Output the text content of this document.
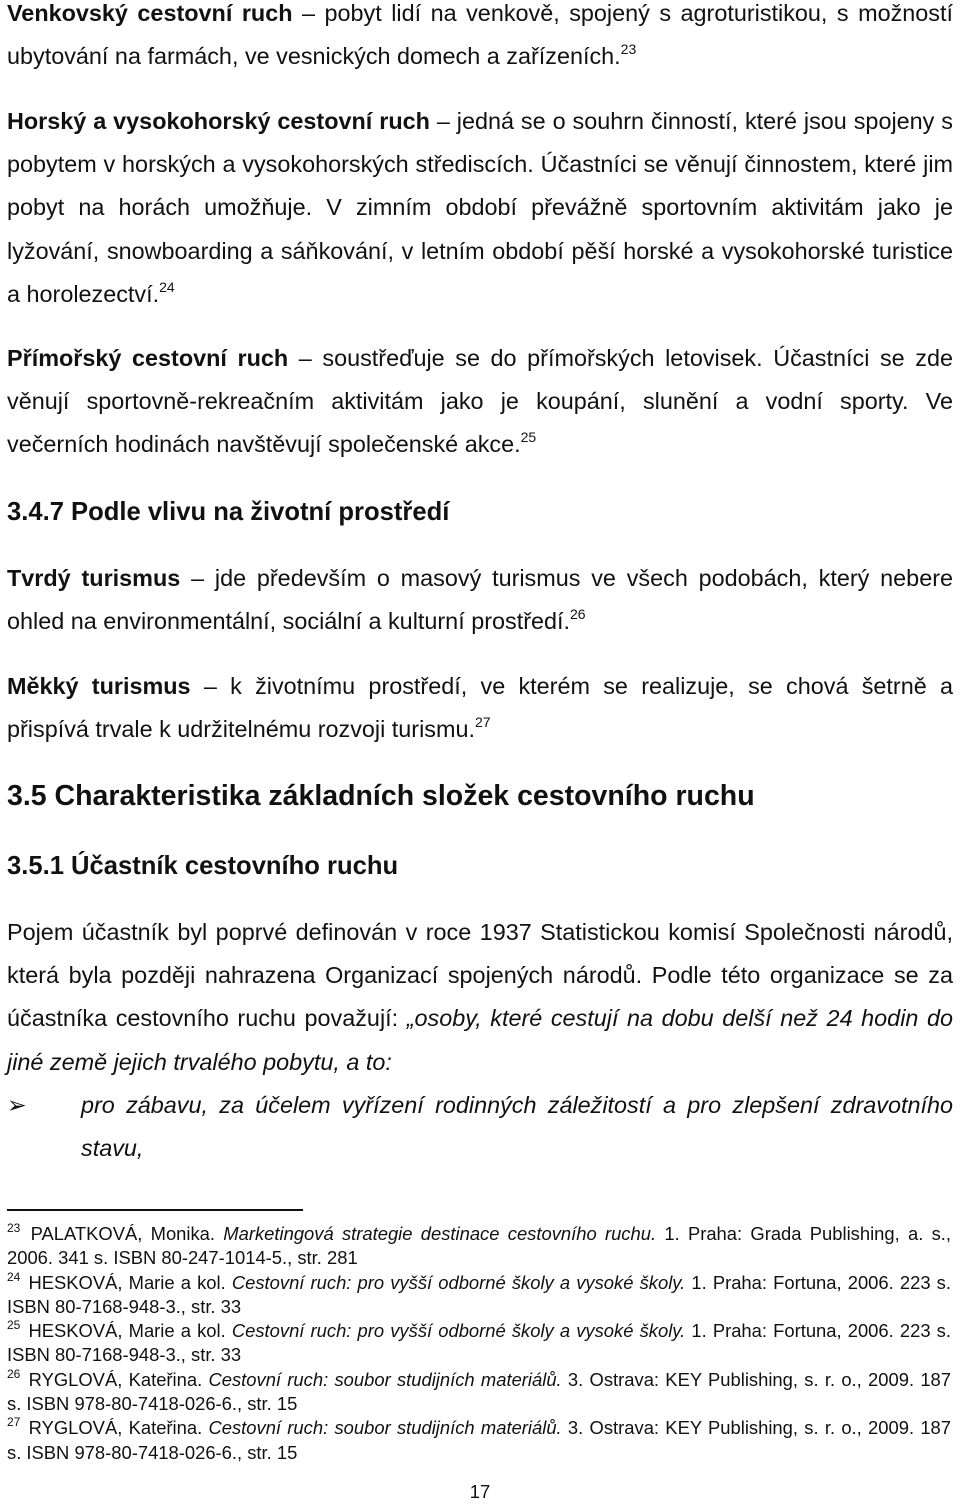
Venkovský cestovní ruch – pobyt lidí na venkově, spojený s agroturistikou, s možností ubytování na farmách, ve vesnických domech a zařízeních.$^{23}$

Horský a vysokohorský cestovní ruch – jedná se o souhrn činností, které jsou spojeny s pobytem v horských a vysokohorských střediscích. Účastníci se věnují činnostem, které jim pobyt na horách umožňuje. V zimním období převážně sportovním aktivitám jako je lyžování, snowboarding a sáňkování, v letním období pěší horské a vysokohorské turistice a horolezectví.$^{24}$

Přímořský cestovní ruch – soustřeďuje se do přímořských letovisek. Účastníci se zde věnují sportovně-rekreačním aktivitám jako je koupání, slunění a vodní sporty. Ve večerních hodinách navštěvují společenské akce.$^{25}$

3.4.7 Podle vlivu na životní prostředí

Tvrdý turismus – jde především o masový turismus ve všech podobách, který nebere ohled na environmentální, sociální a kulturní prostředí.$^{26}$

Měkký turismus – k životnímu prostředí, ve kterém se realizuje, se chová šetrně a přispívá trvale k udržitelnému rozvoji turismu.$^{27}$

3.5 Charakteristika základních složek cestovního ruchu
3.5.1 Účastník cestovního ruchu

Pojem účastník byl poprvé definován v roce 1937 Statistickou komisí Společnosti národů, která byla později nahrazena Organizací spojených národů. Podle této organizace se za účastníka cestovního ruchu považují: „osoby, které cestují na dobu delší než 24 hodin do jiné země jejich trvalého pobytu, a to:

➢	pro zábavu, za účelem vyřízení rodinných záležitostí a pro zlepšení zdravotního stavu,

$^{23}$ PALATKOVÁ, Monika. Marketingová strategie destinace cestovního ruchu. 1. Praha: Grada Publishing, a. s., 2006. 341 s. ISBN 80-247-1014-5., str. 281

$^{24}$ HESKOVÁ, Marie a kol. Cestovní ruch: pro vyšší odborné školy a vysoké školy. 1. Praha: Fortuna, 2006. 223 s. ISBN 80-7168-948-3., str. 33

$^{25}$ HESKOVÁ, Marie a kol. Cestovní ruch: pro vyšší odborné školy a vysoké školy. 1. Praha: Fortuna, 2006. 223 s. ISBN 80-7168-948-3., str. 33

$^{26}$ RYGLOVÁ, Kateřina. Cestovní ruch: soubor studijních materiálů. 3. Ostrava: KEY Publishing, s. r. o., 2009. 187 s. ISBN 978-80-7418-026-6., str. 15

$^{27}$ RYGLOVÁ, Kateřina. Cestovní ruch: soubor studijních materiálů. 3. Ostrava: KEY Publishing, s. r. o., 2009. 187 s. ISBN 978-80-7418-026-6., str. 15

17
